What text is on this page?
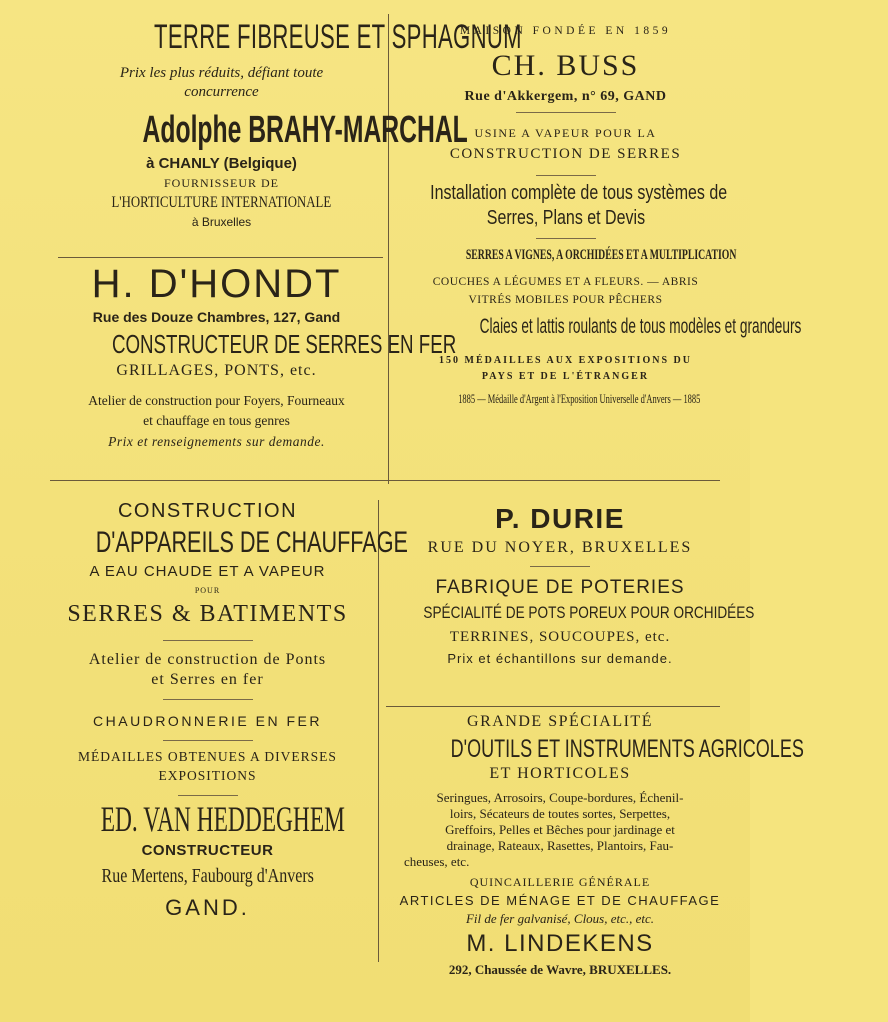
TERRE FIBREUSE ET SPHAGNUM
Prix les plus réduits, défiant toute
concurrence
Adolphe BRAHY-MARCHAL
à CHANLY (Belgique)
FOURNISSEUR DE
L'HORTICULTURE INTERNATIONALE
à Bruxelles
H. D'HONDT
Rue des Douze Chambres, 127, Gand
CONSTRUCTEUR DE SERRES EN FER
GRILLAGES, PONTS, etc.
Atelier de construction pour Foyers, Fourneaux
et chauffage en tous genres
Prix et renseignements sur demande.
MAISON FONDÉE EN 1859
CH. BUSS
Rue d'Akkergem, n° 69, GAND
USINE A VAPEUR POUR LA
CONSTRUCTION DE SERRES
Installation complète de tous systèmes de
Serres, Plans et Devis
SERRES A VIGNES, A ORCHIDÉES ET A MULTIPLICATION
COUCHES A LÉGUMES ET A FLEURS. — ABRIS
VITRÉS MOBILES POUR PÊCHERS
Claies et lattis roulants de tous modèles et grandeurs
150 MÉDAILLES AUX EXPOSITIONS DU
PAYS ET DE L'ÉTRANGER
1885 — Médaille d'Argent à l'Exposition Universelle d'Anvers — 1885
CONSTRUCTION
D'APPAREILS DE CHAUFFAGE
A EAU CHAUDE ET A VAPEUR
POUR
SERRES & BATIMENTS
Atelier de construction de Ponts
et Serres en fer
CHAUDRONNERIE EN FER
MÉDAILLES OBTENUES A DIVERSES
EXPOSITIONS
ED. VAN HEDDEGHEM
CONSTRUCTEUR
Rue Mertens, Faubourg d'Anvers
GAND.
P. DURIE
RUE DU NOYER, BRUXELLES
FABRIQUE DE POTERIES
SPÉCIALITÉ DE POTS POREUX POUR ORCHIDÉES
TERRINES, SOUCOUPES, etc.
Prix et échantillons sur demande.
GRANDE SPÉCIALITÉ
D'OUTILS ET INSTRUMENTS AGRICOLES
ET HORTICOLES
Seringues, Arrosoirs, Coupe-bordures, Échenil-
loirs, Sécateurs de toutes sortes, Serpettes,
Greffoirs, Pelles et Bêches pour jardinage et
drainage, Rateaux, Rasettes, Plantoirs, Fau-
cheuses, etc.
QUINCAILLERIE GÉNÉRALE
ARTICLES DE MÉNAGE ET DE CHAUFFAGE
Fil de fer galvanisé, Clous, etc., etc.
M. LINDEKENS
292, Chaussée de Wavre, BRUXELLES.
